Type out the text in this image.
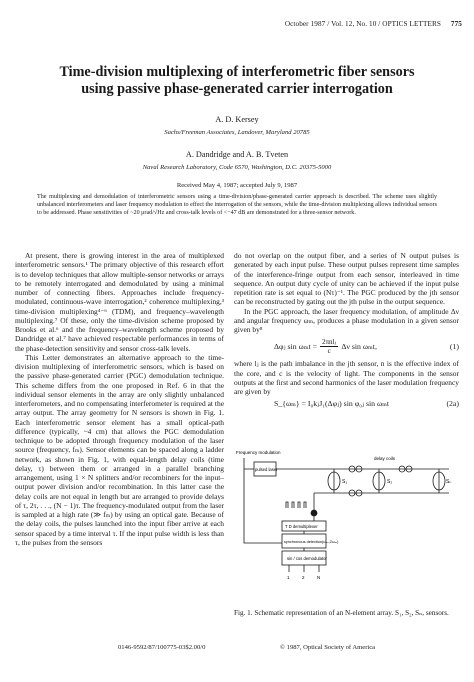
October 1987 / Vol. 12, No. 10 / OPTICS LETTERS 775
Time-division multiplexing of interferometric fiber sensors
using passive phase-generated carrier interrogation
A. D. Kersey
Sachs/Freeman Associates, Landover, Maryland 20785
A. Dandridge and A. B. Tveten
Naval Research Laboratory, Code 6570, Washington, D.C. 20375-5000
Received May 4, 1987; accepted July 9, 1987
The multiplexing and demodulation of interferometric sensors using a time-division/phase-generated carrier approach is described. The scheme uses slightly unbalanced interferometers and laser frequency modulation to effect the interrogation of the sensors, while the time-division multiplexing allows individual sensors to be addressed. Phase sensitivities of ~20 μrad/√Hz and cross-talk levels of <−47 dB are demonstrated for a three-sensor network.

At present, there is growing interest in the area of multiplexed interferometric sensors.¹ The primary objective of this research effort is to develop techniques that allow multiple-sensor networks or arrays to be remotely interrogated and demodulated by using a minimal number of connecting fibers. Approaches include frequency-modulated, continuous-wave interrogation,² coherence multiplexing,³ time-division multiplexing⁴⁻⁶ (TDM), and frequency–wavelength multiplexing.⁷ Of these, only the time-division scheme proposed by Brooks et al.⁶ and the frequency–wavelength scheme proposed by Dandridge et al.⁷ have achieved respectable performances in terms of the phase-detection sensitivity and sensor cross-talk levels.

This Letter demonstrates an alternative approach to the time-division multiplexing of interferometric sensors, which is based on the passive phase-generated carrier (PGC) demodulation technique. This scheme differs from the one proposed in Ref. 6 in that the individual sensor elements in the array are only slightly unbalanced interferometers, and no compensating interferometer is required at the array output. The array geometry for N sensors is shown in Fig. 1. Each interferometric sensor element has a small optical-path difference (typically, ~4 cm) that allows the PGC demodulation technique to be adopted through frequency modulation of the laser source (frequency, fₘ). Sensor elements can be spaced along a ladder network, as shown in Fig. 1, with equal-length delay coils (time delay, τ) between them or arranged in a parallel branching arrangement, using 1 × N splitters and/or recombiners for the input–output power division and/or recombination. In this latter case the delay coils are not equal in length but are arranged to provide delays of τ, 2τ, . . ., (N − 1)τ. The frequency-modulated output from the laser is sampled at a high rate (≫ fₘ) by using an optical gate. Because of the delay coils, the pulses launched into the input fiber arrive at each sensor spaced by a time interval τ. If the input pulse width is less than τ, the pulses from the sensors

do not overlap on the output fiber, and a series of N output pulses is generated by each input pulse. These output pulses represent time samples of the interference-fringe output from each sensor, interleaved in time sequence. An output duty cycle of unity can be achieved if the input pulse repetition rate is set equal to (Nτ)⁻¹. The PGC produced by the jth sensor can be reconstructed by gating out the jth pulse in the output sequence.

In the PGC approach, the laser frequency modulation, of amplitude Δν and angular frequency ωₘ, produces a phase modulation in a given sensor given by⁸

Δφⱼ sin ωₘt = 2πnlⱼ
c
Δν sin ωₘt,	(1)

where lⱼ is the path imbalance in the jth sensor, n is the effective index of the core, and c is the velocity of light. The components in the sensor outputs at the first and second harmonics of the laser modulation frequency are given by

S_{ωₘ} = I₀kⱼJ₁(Δφⱼ) sin φ₀ⱼ sin ωₘt	(2a)
Frequency modulation
pulsed laser
delay coils
S₁	S₂	Sₙ
T D demultiplexer
synchronous detection(ωₘ,2ωₘ)
sin / cos demodulator
1	2	N
Fig. 1. Schematic representation of an N-element array. S₁, S₂, Sₙ, sensors.
0146-9592/87/100775-03$2.00/0	© 1987, Optical Society of America
